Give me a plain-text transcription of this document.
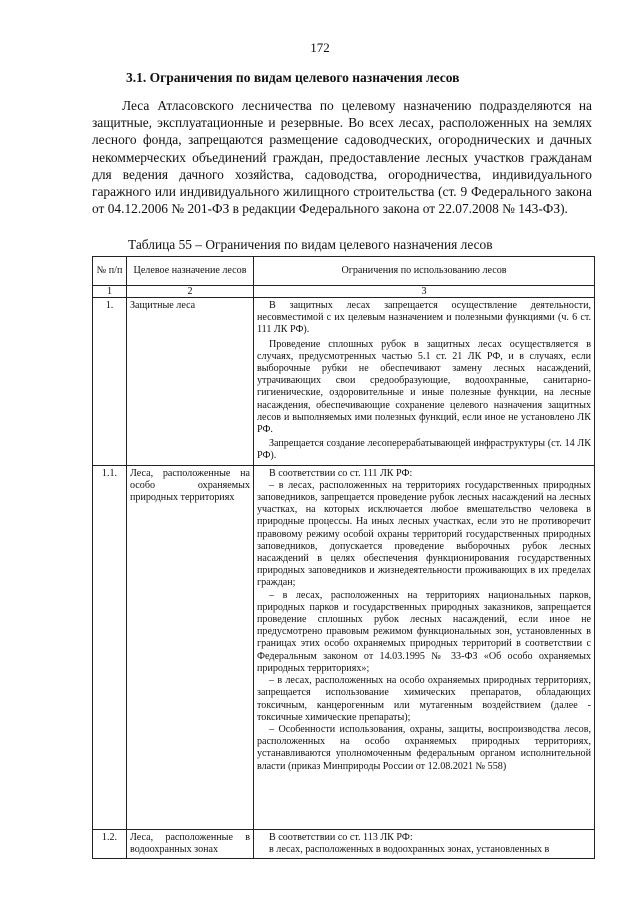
172
3.1. Ограничения по видам целевого назначения лесов

Леса Атласовского лесничества по целевому назначению подразделяются на защитные, эксплуатационные и резервные. Во всех лесах, расположенных на землях лесного фонда, запрещаются размещение садоводческих, огороднических и дачных некоммерческих объединений граждан, предоставление лесных участков гражданам для ведения дачного хозяйства, садоводства, огородничества, индивидуального гаражного или индивидуального жилищного строительства (ст. 9 Федерального закона от 04.12.2006 № 201-ФЗ в редакции Федерального закона от 22.07.2008 № 143-ФЗ).

Таблица 55 – Ограничения по видам целевого назначения лесов
№ п/п	Целевое назначение лесов	Ограничения по использованию лесов
1	2	3
1.	Защитные леса	В защитных лесах запрещается осуществление деятельности, несовместимой с их целевым назначением и полезными функциями (ч. 6 ст. 111 ЛК РФ).

Проведение сплошных рубок в защитных лесах осуществляется в случаях, предусмотренных частью 5.1 ст. 21 ЛК РФ, и в случаях, если выборочные рубки не обеспечивают замену лесных насаждений, утрачивающих свои средообразующие, водоохранные, санитарно-гигиенические, оздоровительные и иные полезные функции, на лесные насаждения, обеспечивающие сохранение целевого назначения защитных лесов и выполняемых ими полезных функций, если иное не установлено ЛК РФ.

Запрещается создание лесоперерабатывающей инфраструктуры (ст. 14 ЛК РФ).

1.1.	Леса, расположенные на особо охраняемых природных территориях	В соответствии со ст. 111 ЛК РФ:

– в лесах, расположенных на территориях государственных природных заповедников, запрещается проведение рубок лесных насаждений на лесных участках, на которых исключается любое вмешательство человека в природные процессы. На иных лесных участках, если это не противоречит правовому режиму особой охраны территорий государственных природных заповедников, допускается проведение выборочных рубок лесных насаждений в целях обеспечения функционирования государственных природных заповедников и жизнедеятельности проживающих в их пределах граждан;

– в лесах, расположенных на территориях национальных парков, природных парков и государственных природных заказников, запрещается проведение сплошных рубок лесных насаждений, если иное не предусмотрено правовым режимом функциональных зон, установленных в границах этих особо охраняемых природных территорий в соответствии с Федеральным законом от 14.03.1995 № 33-ФЗ «Об особо охраняемых природных территориях»;

– в лесах, расположенных на особо охраняемых природных территориях, запрещается использование химических препаратов, обладающих токсичным, канцерогенным или мутагенным воздействием (далее - токсичные химические препараты);

– Особенности использования, охраны, защиты, воспроизводства лесов, расположенных на особо охраняемых природных территориях, устанавливаются уполномоченным федеральным органом исполнительной власти (приказ Минприроды России от 12.08.2021 № 558)

1.2.	Леса, расположенные в водоохранных зонах	В соответствии со ст. 113 ЛК РФ:

в лесах, расположенных в водоохранных зонах, установленных в
